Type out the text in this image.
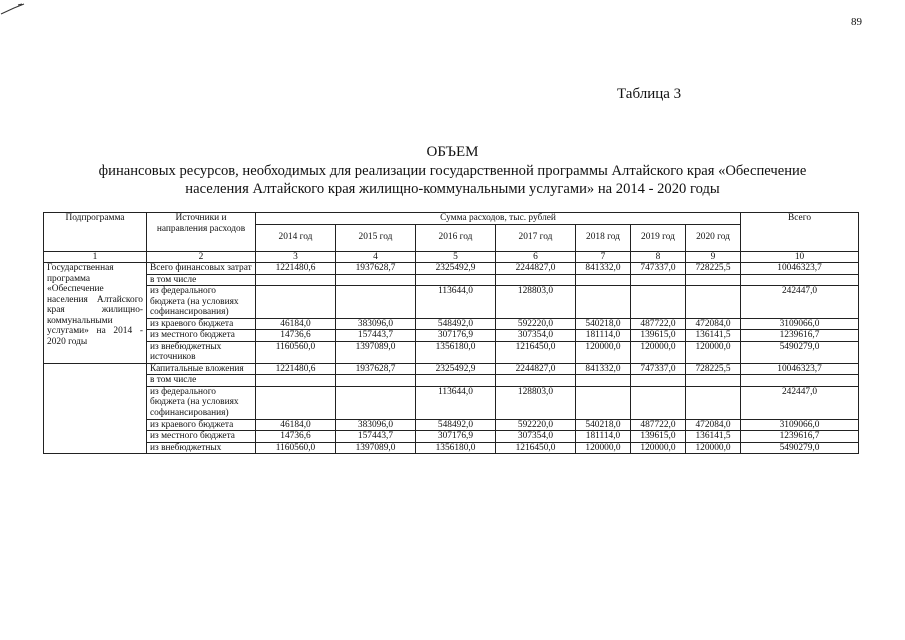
89
Таблица 3
ОБЪЕМ
финансовых ресурсов, необходимых для реализации государственной программы Алтайского края «Обеспечение
населения Алтайского края жилищно-коммунальными услугами» на 2014 - 2020 годы
Подпрограмма	Источники и направления расходов	Сумма расходов, тыс. рублей							Всего
		2014 год	2015 год	2016 год	2017 год	2018 год	2019 год	2020 год	
1	2	3	4	5	6	7	8	9	10
Государственная программа «Обеспечение населения Алтайского края жилищно-коммунальными услугами» на 2014 - 2020 годы	Всего финансовых затрат	1221480,6	1937628,7	2325492,9	2244827,0	841332,0	747337,0	728225,5	10046323,7
	в том числе								
	из федерального бюджета (на условиях софинансирования)			113644,0	128803,0				242447,0
	из краевого бюджета	46184,0	383096,0	548492,0	592220,0	540218,0	487722,0	472084,0	3109066,0
	из местного бюджета	14736,6	157443,7	307176,9	307354,0	181114,0	139615,0	136141,5	1239616,7
	из внебюджетных источников	1160560,0	1397089,0	1356180,0	1216450,0	120000,0	120000,0	120000,0	5490279,0
	Капитальные вложения	1221480,6	1937628,7	2325492,9	2244827,0	841332,0	747337,0	728225,5	10046323,7
	в том числе								
	из федерального бюджета (на условиях софинансирования)			113644,0	128803,0				242447,0
	из краевого бюджета	46184,0	383096,0	548492,0	592220,0	540218,0	487722,0	472084,0	3109066,0
	из местного бюджета	14736,6	157443,7	307176,9	307354,0	181114,0	139615,0	136141,5	1239616,7
	из внебюджетных	1160560,0	1397089,0	1356180,0	1216450,0	120000,0	120000,0	120000,0	5490279,0
